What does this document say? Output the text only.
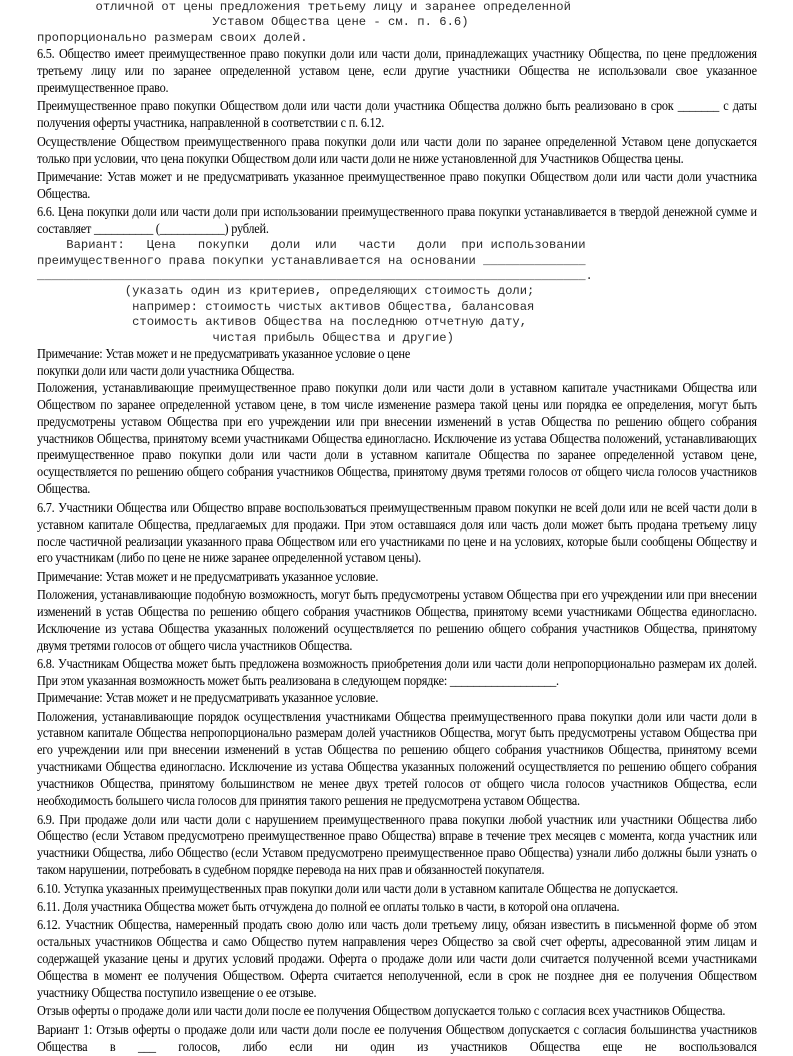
отличной от цены предложения третьему лицу и заранее определенной
Уставом Общества цене - см. п. 6.6)
пропорционально размерам своих долей.

6.5. Общество имеет преимущественное право покупки доли или части доли, принадлежащих участнику Общества, по цене предложения третьему лицу или по заранее определенной уставом цене, если другие участники Общества не использовали свое указанное преимущественное право.

Преимущественное право покупки Обществом доли или части доли участника Общества должно быть реализовано в срок _______ с даты получения оферты участника, направленной в соответствии с п. 6.12.

Осуществление Обществом преимущественного права покупки доли или части доли по заранее определенной Уставом цене допускается только при условии, что цена покупки Обществом доли или части доли не ниже установленной для Участников Общества цены.

Примечание: Устав может и не предусматривать указанное преимущественное право покупки Обществом доли или части доли участника Общества.

6.6. Цена покупки доли или части доли при использовании преимущественного права покупки устанавливается в твердой денежной сумме и составляет __________ (___________) рублей.

Вариант:   Цена   покупки   доли  или   части   доли  при использовании
преимущественного права покупки устанавливается на основании ______________
___________________________________________________________________________.
(указать один из критериев, определяющих стоимость доли;
например: стоимость чистых активов Общества, балансовая
стоимость активов Общества на последнюю отчетную дату,
чистая прибыль Общества и другие)

Примечание: Устав может и не предусматривать указанное условие о цене

покупки доли или части доли участника Общества.

Положения, устанавливающие преимущественное право покупки доли или части доли в уставном капитале участниками Общества или Обществом по заранее определенной уставом цене, в том числе изменение размера такой цены или порядка ее определения, могут быть предусмотрены уставом Общества при его учреждении или при внесении изменений в устав Общества по решению общего собрания участников Общества, принятому всеми участниками Общества единогласно. Исключение из устава Общества положений, устанавливающих преимущественное право покупки доли или части доли в уставном капитале Общества по заранее определенной уставом цене, осуществляется по решению общего собрания участников Общества, принятому двумя третями голосов от общего числа голосов участников Общества.

6.7. Участники Общества или Общество вправе воспользоваться преимущественным правом покупки не всей доли или не всей части доли в уставном капитале Общества, предлагаемых для продажи. При этом оставшаяся доля или часть доли может быть продана третьему лицу после частичной реализации указанного права Обществом или его участниками по цене и на условиях, которые были сообщены Обществу и его участникам (либо по цене не ниже заранее определенной уставом цены).

Примечание: Устав может и не предусматривать указанное условие.

Положения, устанавливающие подобную возможность, могут быть предусмотрены уставом Общества при его учреждении или при внесении изменений в устав Общества по решению общего собрания участников Общества, принятому всеми участниками Общества единогласно. Исключение из устава Общества указанных положений осуществляется по решению общего собрания участников Общества, принятому двумя третями голосов от общего числа участников Общества.

6.8. Участникам Общества может быть предложена возможность приобретения доли или части доли непропорционально размерам их долей. При этом указанная возможность может быть реализована в следующем порядке: __________________.

Примечание: Устав может и не предусматривать указанное условие.

Положения, устанавливающие порядок осуществления участниками Общества преимущественного права покупки доли или части доли в уставном капитале Общества непропорционально размерам долей участников Общества, могут быть предусмотрены уставом Общества при его учреждении или при внесении изменений в устав Общества по решению общего собрания участников Общества, принятому всеми участниками Общества единогласно. Исключение из устава Общества указанных положений осуществляется по решению общего собрания участников Общества, принятому большинством не менее двух третей голосов от общего числа голосов участников Общества, если необходимость большего числа голосов для принятия такого решения не предусмотрена уставом Общества.

6.9. При продаже доли или части доли с нарушением преимущественного права покупки любой участник или участники Общества либо Общество (если Уставом предусмотрено преимущественное право Общества) вправе в течение трех месяцев с момента, когда участник или участники Общества, либо Общество (если Уставом предусмотрено преимущественное право Общества) узнали либо должны были узнать о таком нарушении, потребовать в судебном порядке перевода на них прав и обязанностей покупателя.

6.10. Уступка указанных преимущественных прав покупки доли или части доли в уставном капитале Общества не допускается.

6.11. Доля участника Общества может быть отчуждена до полной ее оплаты только в части, в которой она оплачена.

6.12. Участник Общества, намеренный продать свою долю или часть доли третьему лицу, обязан известить в письменной форме об этом остальных участников Общества и само Общество путем направления через Общество за свой счет оферты, адресованной этим лицам и содержащей указание цены и других условий продажи. Оферта о продаже доли или части доли считается полученной всеми участниками Общества в момент ее получения Обществом. Оферта считается неполученной, если в срок не позднее дня ее получения Обществом участнику Общества поступило извещение о ее отзыве.

Отзыв оферты о продаже доли или части доли после ее получения Обществом допускается только с согласия всех участников Общества.

Вариант 1: Отзыв оферты о продаже доли или части доли после ее получения Обществом допускается с согласия большинства участников Общества в ___ голосов, либо если ни один из участников Общества еще не воспользовался
